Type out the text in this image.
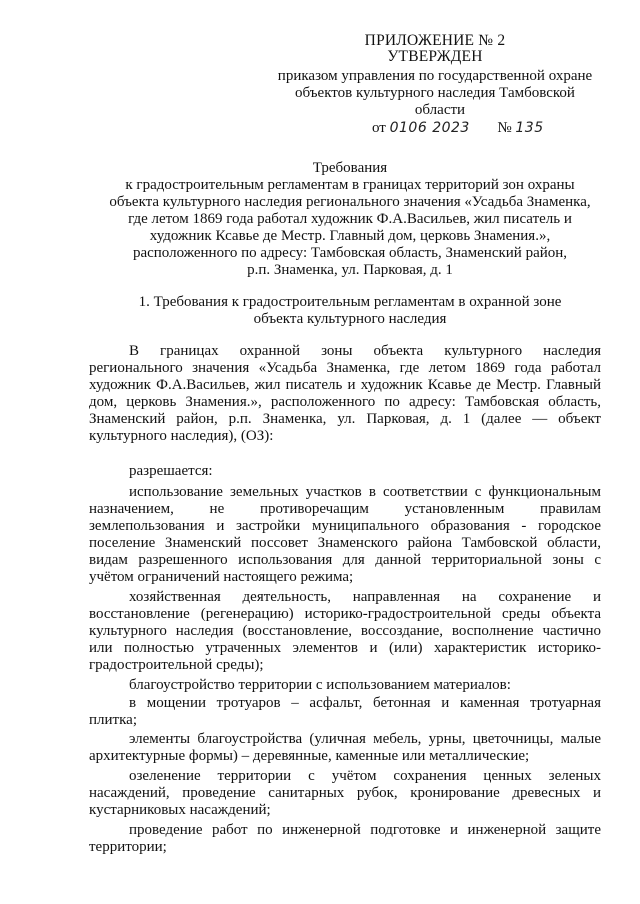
ПРИЛОЖЕНИЕ № 2
УТВЕРЖДЕН
приказом управления по государственной охране
объектов культурного наследия Тамбовской
области
от 0106 2023 № 135
Требования
к градостроительным регламентам в границах территорий зон охраны
объекта культурного наследия регионального значения «Усадьба Знаменка,
где летом 1869 года работал художник Ф.А.Васильев, жил писатель и
художник Ксавье де Местр. Главный дом, церковь Знамения.»,
расположенного по адресу: Тамбовская область, Знаменский район,
р.п. Знаменка, ул. Парковая, д. 1
1. Требования к градостроительным регламентам в охранной зоне
объекта культурного наследия
В границах охранной зоны объекта культурного наследия
регионального значения «Усадьба Знаменка, где летом 1869 года работал
художник Ф.А.Васильев, жил писатель и художник Ксавье де Местр. Главный
дом, церковь Знамения.», расположенного по адресу: Тамбовская область,
Знаменский район, р.п. Знаменка, ул. Парковая, д. 1 (далее — объект
культурного наследия), (ОЗ):
разрешается:
использование земельных участков в соответствии с функциональным
назначением, не противоречащим установленным правилам
землепользования и застройки муниципального образования - городское
поселение Знаменский поссовет Знаменского района Тамбовской области,
видам разрешенного использования для данной территориальной зоны с
учётом ограничений настоящего режима;
хозяйственная деятельность, направленная на сохранение и
восстановление (регенерацию) историко-градостроительной среды объекта
культурного наследия (восстановление, воссоздание, восполнение частично
или полностью утраченных элементов и (или) характеристик историко-
градостроительной среды);
благоустройство территории с использованием материалов:
в мощении тротуаров – асфальт, бетонная и каменная тротуарная
плитка;
элементы благоустройства (уличная мебель, урны, цветочницы, малые
архитектурные формы) – деревянные, каменные или металлические;
озеленение территории с учётом сохранения ценных зеленых
насаждений, проведение санитарных рубок, кронирование древесных и
кустарниковых насаждений;
проведение работ по инженерной подготовке и инженерной защите
территории;
